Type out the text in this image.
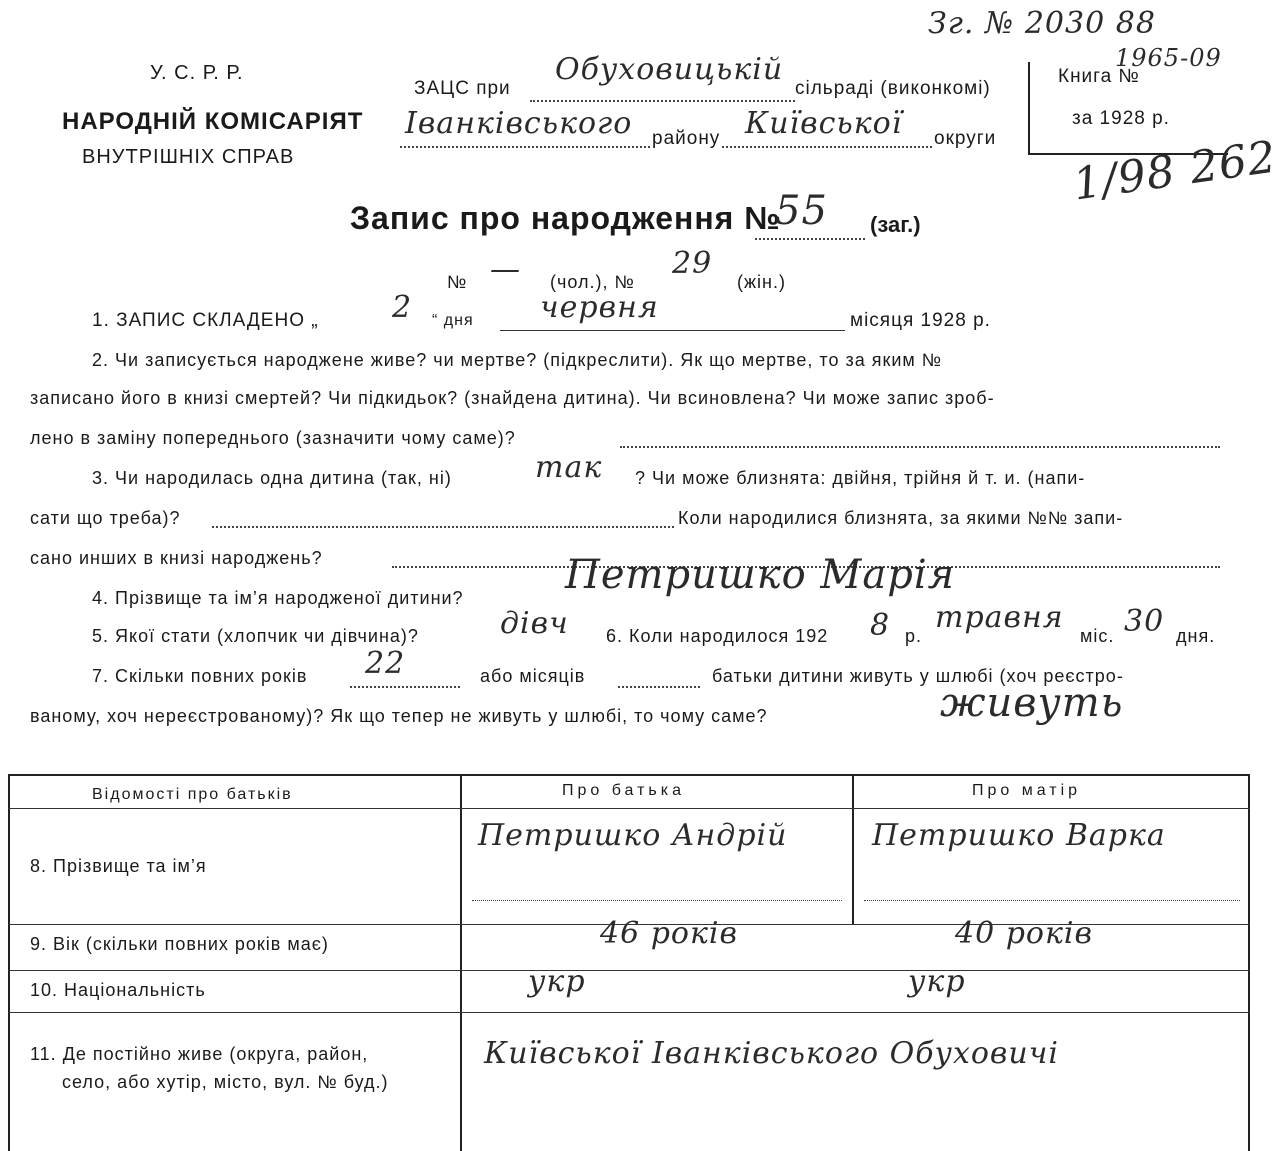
У. С. Р. Р.
НАРОДНІЙ КОМІСАРІЯТ
ВНУТРІШНІХ СПРАВ
ЗАЦС при
Обуховицькій
сільраді (виконкомі)
Іванківського району Київської округи
Зг. № 2030 88
Книга №
1965-09
за 1928 р.
1/98 262
Запис про народження №
55 (заг.)
№ — (чол.), №
29
(жін.)
1. ЗАПИС СКЛАДЕНО „ 2 “ дня червня	місяця 1928 р.
2. Чи записується народжене живе? чи мертве? (підкреслити). Як що мертве, то за яким №
записано його в книзі смертей? Чи підкидьок? (знайдена дитина). Чи всиновлена? Чи може запис зроб-
лено в заміну попереднього (зазначити чому саме)?
3. Чи народилась одна дитина (так, ні)	так ? Чи може близнята: двійня, трійня й т. и. (напи-
сати що треба)?	Коли народилися близнята, за якими №№ запи-
сано инших в книзі народжень?
4. Прізвище та ім’я народженої дитини?	Петришко Марія
5. Якої стати (хлопчик чи дівчина)?	дівч 6. Коли народилося 192 8 р.
травня
міс. 30 дня.
7. Скільки повних років 22	або місяців	батьки дитини живуть у шлюбі (хоч реєстро-
ваному, хоч нереєстрованому)? Як що тепер не живуть у шлюбі, то чому саме?	живуть
Відомості про батьків	Про батька	Про матір
8. Прізвище та ім’я
Петришко Андрій	Петришко Варка
9. Вік (скільки повних років має)	46 років	40 років
10. Національність	укр	укр
11. Де постійно живе (округа, район,
село, або хутір, місто, вул. № буд.)
Київської Іванківського Обуховичі
